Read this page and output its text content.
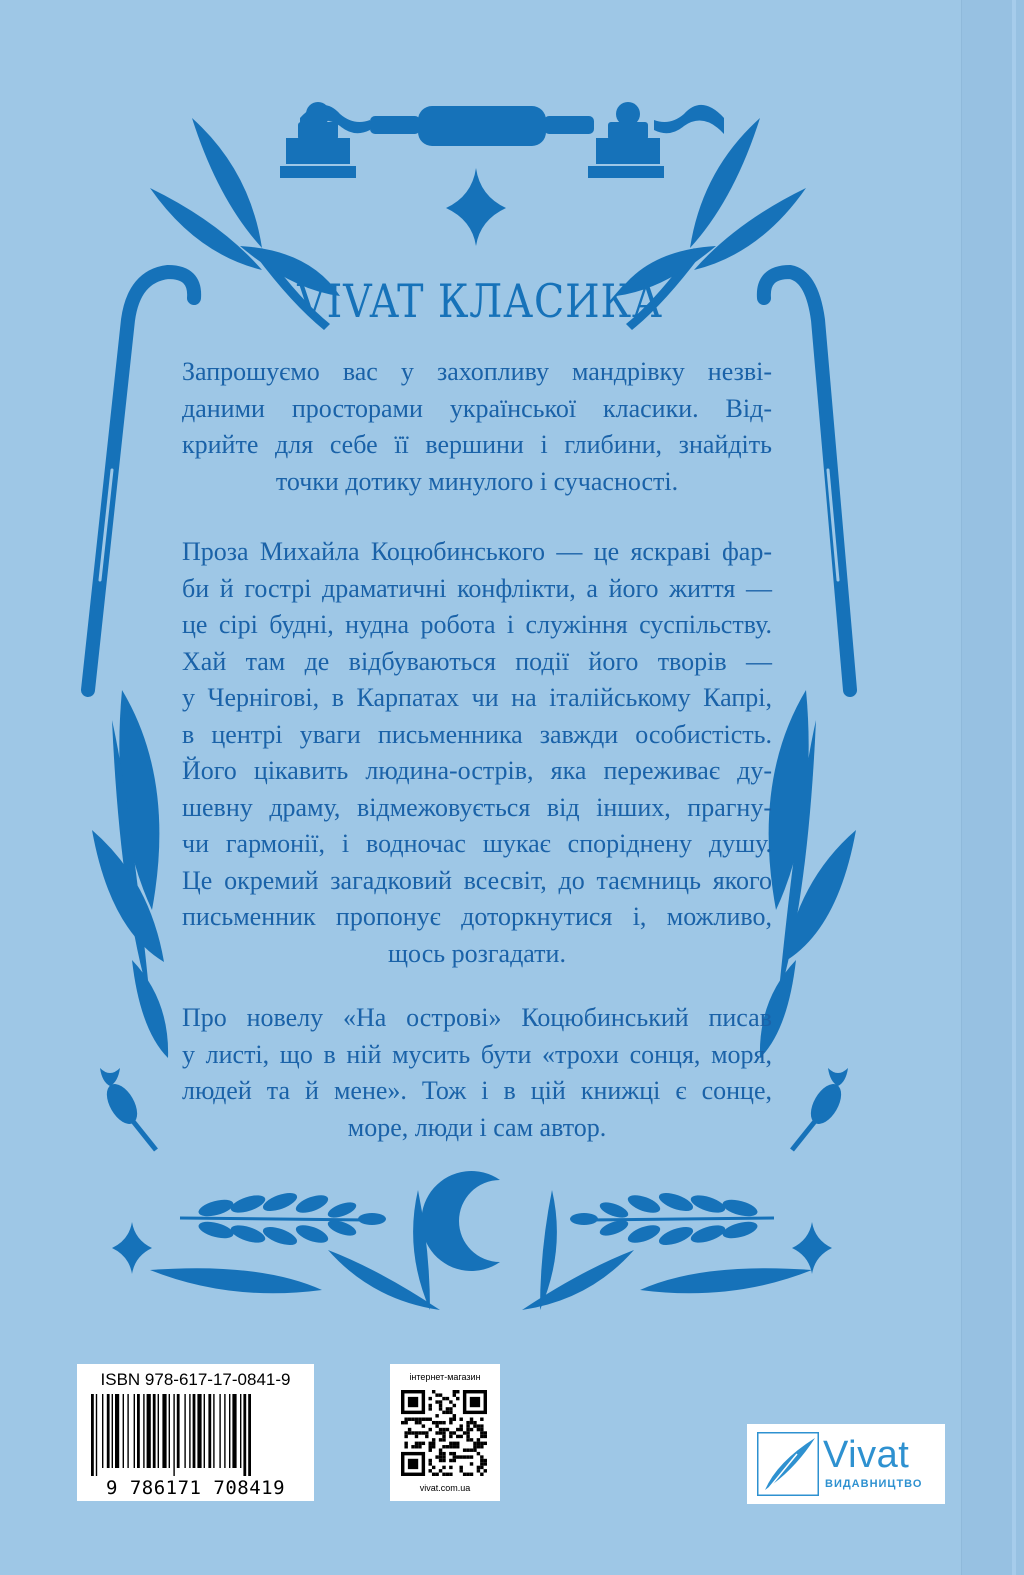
VIVAT КЛАСИКА
Запрошуємо вас у захопливу мандрівку незві-
даними просторами української класики. Від-
крийте для себе її вершини і глибини, знайдіть
точки дотику минулого і сучасності.
Проза Михайла Коцюбинського — це яскраві фар-
би й гострі драматичні конфлікти, а його життя —
це сірі будні, нудна робота і служіння суспільству.
Хай там де відбуваються події його творів —
у Чернігові, в Карпатах чи на італійському Капрі,
в центрі уваги письменника завжди особистість.
Його цікавить людина-острів, яка переживає ду-
шевну драму, відмежовується від інших, прагну-
чи гармонії, і водночас шукає споріднену душу.
Це окремий загадковий всесвіт, до таємниць якого
письменник пропонує доторкнутися і, можливо,
щось розгадати.
Про новелу «На острові» Коцюбинський писав
у листі, що в ній мусить бути «трохи сонця, моря,
людей та й мене». Тож і в цій книжці є сонце,
море, люди і сам автор.
ISBN 978-617-17-0841-9
9 786171 708419
інтернет-магазин
vivat.com.ua
Vivat
ВИДАВНИЦТВО
